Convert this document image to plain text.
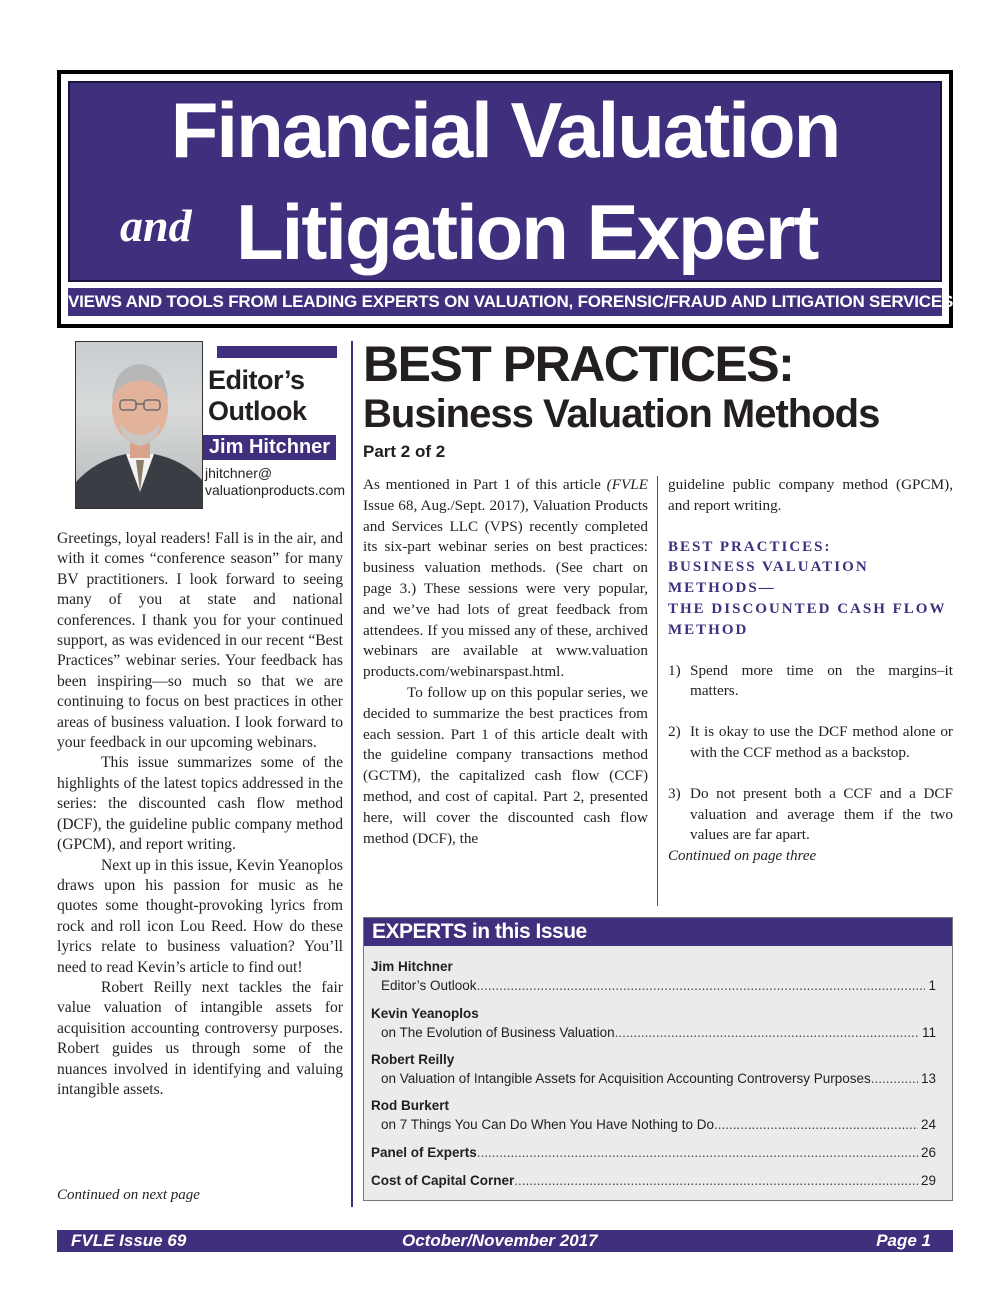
Financial Valuation
and Litigation Expert
VIEWS AND TOOLS FROM LEADING EXPERTS ON VALUATION, FORENSIC/FRAUD AND LITIGATION SERVICES
Editor’s
Outlook
Jim Hitchner
jhitchner@
valuationproducts.com

Greetings, loyal readers! Fall is in the air, and with it comes “conference season” for many BV practitioners. I look forward to seeing many of you at state and national conferences. I thank you for your continued support, as was evidenced in our recent “Best Practices” webinar series. Your feedback has been inspiring—so much so that we are continuing to focus on best practices in other areas of business valuation. I look forward to your feedback in our upcoming webinars.

This issue summarizes some of the highlights of the latest topics addressed in the series: the discounted cash flow method (DCF), the guideline public company method (GPCM), and report writing.

Next up in this issue, Kevin Yeanoplos draws upon his passion for music as he quotes some thought-provoking lyrics from rock and roll icon Lou Reed. How do these lyrics relate to business valuation? You’ll need to read Kevin’s article to find out!

Robert Reilly next tackles the fair value valuation of intangible assets for acquisition accounting controversy purposes. Robert guides us through some of the nuances involved in identifying and valuing intangible assets.

Continued on next page
BEST PRACTICES:
Business Valuation Methods
Part 2 of 2

As mentioned in Part 1 of this article (FVLE Issue 68, Aug./Sept. 2017), Valuation Products and Services LLC (VPS) recently completed its six-part webinar series on best practices: business valuation methods. (See chart on page 3.) These sessions were very popular, and we’ve had lots of great feedback from attendees. If you missed any of these, archived webinars are available at www.valuation products.com/webinarspast.html.

To follow up on this popular series, we decided to summarize the best practices from each session. Part 1 of this article dealt with the guideline company transactions method (GCTM), the capitalized cash flow (CCF) method, and cost of capital. Part 2, presented here, will cover the discounted cash flow method (DCF), the

guideline public company method (GPCM), and report writing.

BEST PRACTICES:
BUSINESS VALUATION METHODS—
THE DISCOUNTED CASH FLOW METHOD
1) Spend more time on the margins–it matters.
2) It is okay to use the DCF method alone or with the CCF method as a backstop.
3) Do not present both a CCF and a DCF valuation and average them if the two values are far apart.
Continued on page three
EXPERTS in this Issue
Jim Hitchner
Editor’s Outlook .....	1
Kevin Yeanoplos
on The Evolution of Business Valuation .....	11
Robert Reilly
on Valuation of Intangible Assets for Acquisition Accounting Controversy Purposes .....	13
Rod Burkert
on 7 Things You Can Do When You Have Nothing to Do .....	24
Panel of Experts .....	26
Cost of Capital Corner .....	29
FVLE Issue 69	October/November 2017	Page 1
